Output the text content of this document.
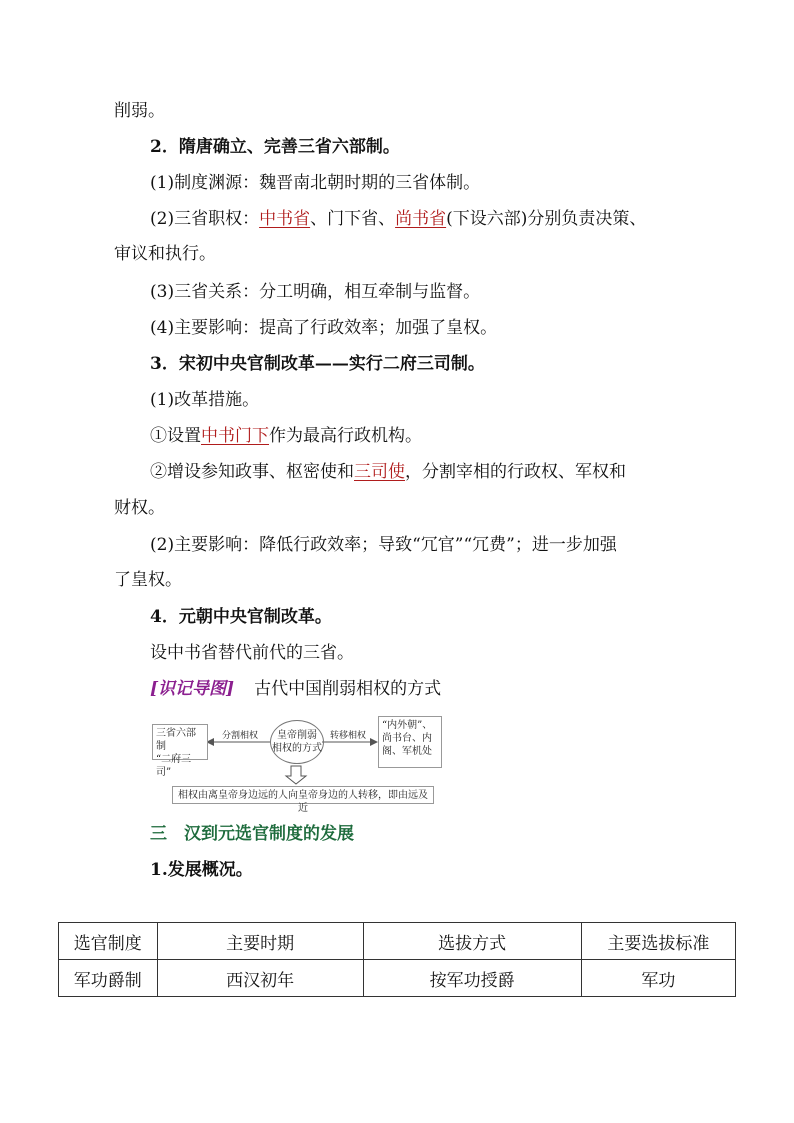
削弱。
2．隋唐确立、完善三省六部制。
(1)制度渊源：魏晋南北朝时期的三省体制。
(2)三省职权：中书省、门下省、尚书省(下设六部)分别负责决策、
审议和执行。
(3)三省关系：分工明确，相互牵制与监督。
(4)主要影响：提高了行政效率；加强了皇权。
3．宋初中央官制改革——实行二府三司制。
(1)改革措施。
①设置中书门下作为最高行政机构。
②增设参知政事、枢密使和三司使，分割宰相的行政权、军权和
财权。
(2)主要影响：降低行政效率；导致“冗官”“冗费”；进一步加强
了皇权。
4．元朝中央官制改革。
设中书省替代前代的三省。
[识记导图] 古代中国削弱相权的方式
三省六部制
“二府三司”
分割相权	皇帝削弱
相权的方式
转移相权
“内外朝”、
尚书台、内
阁、军机处
相权由离皇帝身边远的人向皇帝身边的人转移，即由远及近
三　汉到元选官制度的发展
1.发展概况。
选官制度	主要时期	选拔方式	主要选拔标准
军功爵制	西汉初年	按军功授爵	军功
